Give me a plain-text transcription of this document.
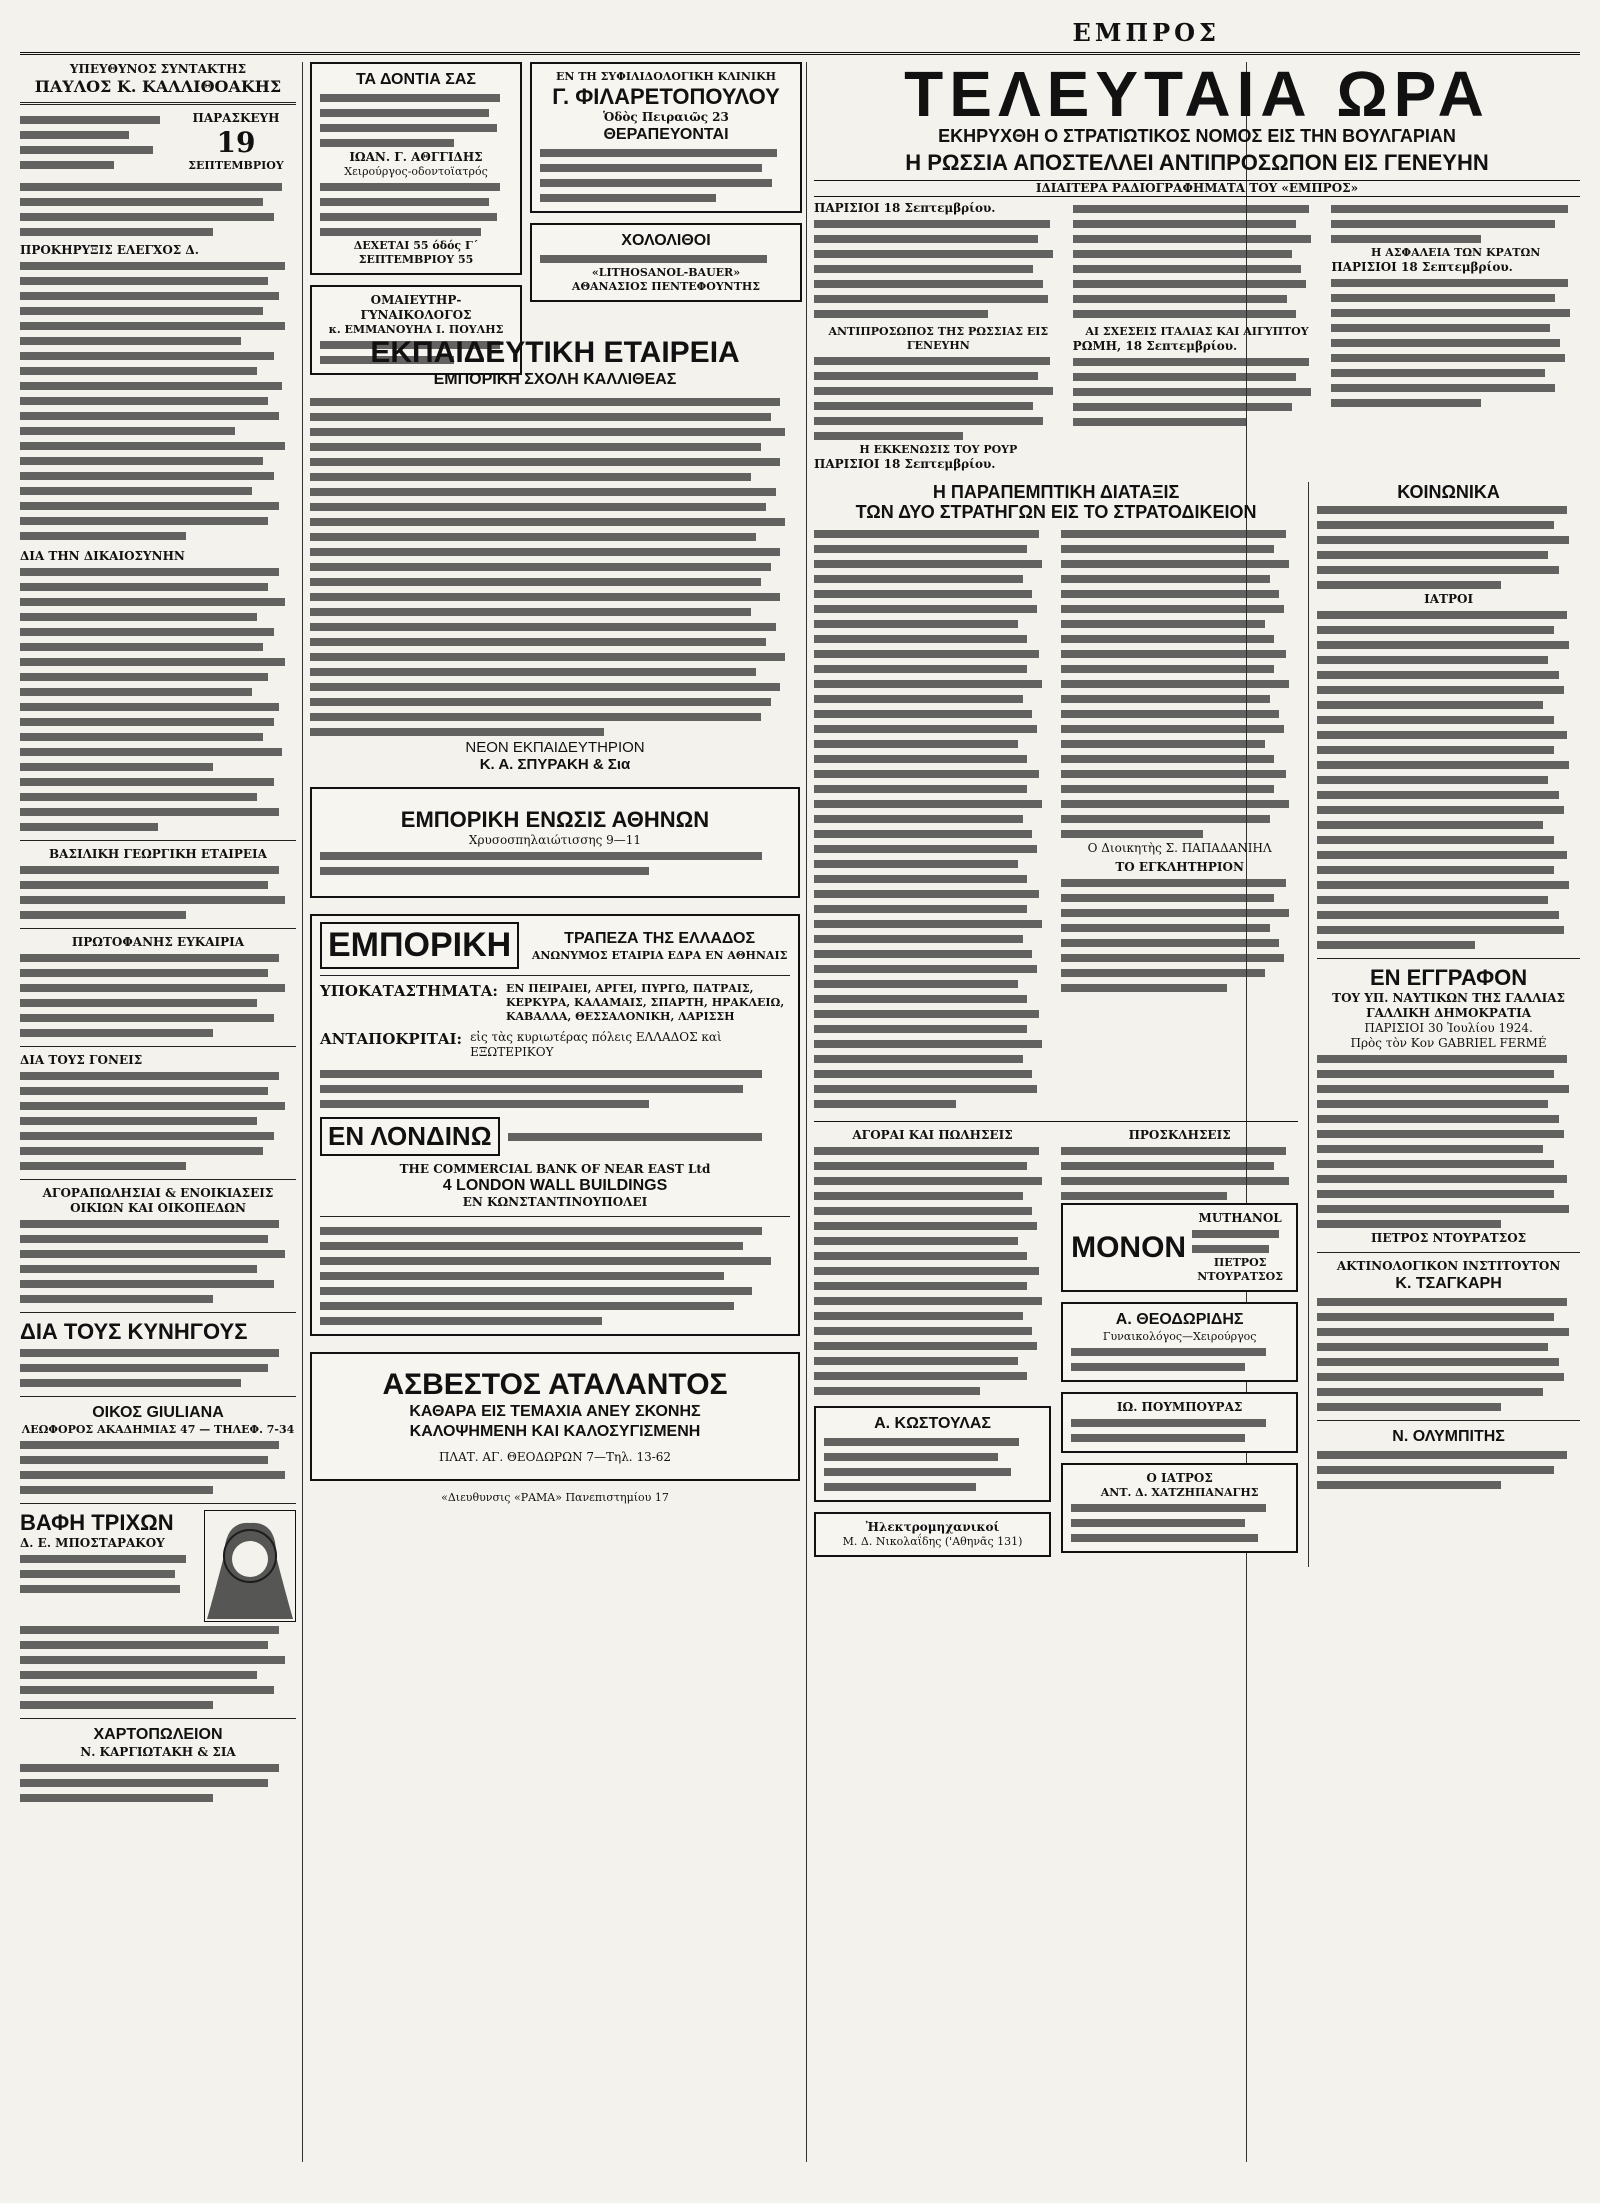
ΕΜΠΡΟΣ
ΥΠΕΥΘΥΝΟΣ ΣΥΝΤΑΚΤΗΣ
ΠΑΥΛΟΣ Κ. ΚΑΛΛΙΘΟΑΚΗΣ
ΠΑΡΑΣΚΕΥΗ
19
ΣΕΠΤΕΜΒΡΙΟΥ
ΠΡΟΚΗΡΥΞΙΣ ΕΛΕΓΧΟΣ Δ.
ΔΙΑ ΤΗΝ ΔΙΚΑΙΟΣΥΝΗΝ
ΒΑΣΙΛΙΚΗ ΓΕΩΡΓΙΚΗ ΕΤΑΙΡΕΙΑ
ΠΡΩΤΟΦΑΝΗΣ ΕΥΚΑΙΡΙΑ
ΔΙΑ ΤΟΥΣ ΓΟΝΕΙΣ
ΑΓΟΡΑΠΩΛΗΣΙΑΙ & ΕΝΟΙΚΙΑΣΕΙΣ ΟΙΚΙΩΝ ΚΑΙ ΟΙΚΟΠΕΔΩΝ
ΔΙΑ ΤΟΥΣ ΚΥΝΗΓΟΥΣ
ΟΙΚΟΣ GIULIANA
ΛΕΩΦΟΡΟΣ ΑΚΑΔΗΜΙΑΣ 47 — ΤΗΛΕΦ. 7-34
ΒΑΦΗ ΤΡΙΧΩΝ
Δ. Ε. ΜΠΟΣΤΑΡΑΚΟΥ
ΧΑΡΤΟΠΩΛΕΙΟΝ
Ν. ΚΑΡΓΙΩΤΑΚΗ & ΣΙΑ
ΤΑ ΔΟΝΤΙΑ ΣΑΣ
ΙΩΑΝ. Γ. ΑΘΓΓΙΔΗΣ
Χειρούργος-οδοντοϊατρός
ΔΕΧΕΤΑΙ 55 όδός Γ΄ ΣΕΠΤΕΜΒΡΙΟΥ 55
ΟΜΑΙΕΥΤΗΡ-ΓΥΝΑΙΚΟΛΟΓΟΣ
κ. ΕΜΜΑΝΟΥΗΛ Ι. ΠΟΥΛΗΣ
ΕΝ ΤΗ ΣΥΦΙΛΙΔΟΛΟΓΙΚΗ ΚΛΙΝΙΚΗ
Γ. ΦΙΛΑΡΕΤΟΠΟΥΛΟΥ
Ὁδὸς Πειραιῶς 23
ΘΕΡΑΠΕΥΟΝΤΑΙ
ΧΟΛΟΛΙΘΟΙ
«LITHOSANOL-BAUER»
ΑΘΑΝΑΣΙΟΣ ΠΕΝΤΕΦΟΥΝΤΗΣ
ΕΚΠΑΙΔΕΥΤΙΚΗ ΕΤΑΙΡΕΙΑ
ΕΜΠΟΡΙΚΗ ΣΧΟΛΗ ΚΑΛΛΙΘΕΑΣ
ΝΕΟΝ ΕΚΠΑΙΔΕΥΤΗΡΙΟΝ
Κ. Α. ΣΠΥΡΑΚΗ & Σια
ΕΜΠΟΡΙΚΗ ΕΝΩΣΙΣ ΑΘΗΝΩΝ
Χρυσοσπηλαιώτισσης 9—11
ΕΜΠΟΡΙΚΗ	ΤΡΑΠΕΖΑ ΤΗΣ ΕΛΛΑΔΟΣ
ΑΝΩΝΥΜΟΣ ΕΤΑΙΡΙΑ ΕΔΡΑ ΕΝ ΑΘΗΝΑΙΣ
ΥΠΟΚΑΤΑΣΤΗΜΑΤΑ: ΕΝ ΠΕΙΡΑΙΕΙ, ΑΡΓΕΙ, ΠΥΡΓΩ, ΠΑΤΡΑΙΣ, ΚΕΡΚΥΡΑ, ΚΑΛΑΜΑΙΣ, ΣΠΑΡΤΗ, ΗΡΑΚΛΕΙΩ, ΚΑΒΑΛΛΑ, ΘΕΣΣΑΛΟΝΙΚΗ, ΛΑΡΙΣΣΗ
ΑΝΤΑΠΟΚΡΙΤΑΙ: εἰς τὰς κυριωτέρας πόλεις ΕΛΛΑΔΟΣ καὶ ΕΞΩΤΕΡΙΚΟΥ
ΕΝ ΛΟΝΔΙΝΩ
THE COMMERCIAL BANK OF NEAR EAST Ltd
4 LONDON WALL BUILDINGS
ΕΝ ΚΩΝΣΤΑΝΤΙΝΟΥΠΟΛΕΙ
ΑΣΒΕΣΤΟΣ ΑΤΑΛΑΝΤΟΣ
ΚΑΘΑΡΑ ΕΙΣ ΤΕΜΑΧΙΑ ΑΝΕΥ ΣΚΟΝΗΣ
ΚΑΛΟΨΗΜΕΝΗ ΚΑΙ ΚΑΛΟΣΥΓΙΣΜΕΝΗ
ΠΛΑΤ. ΑΓ. ΘΕΟΔΩΡΩΝ 7—Τηλ. 13-62
«Διευθυνσις «ΡΑΜΑ» Πανεπιστημίου 17
ΤΕΛΕΥΤΑΙΑ ΩΡΑ
ΕΚΗΡΥΧΘΗ Ο ΣΤΡΑΤΙΩΤΙΚΟΣ ΝΟΜΟΣ ΕΙΣ ΤΗΝ ΒΟΥΛΓΑΡΙΑΝ
Η ΡΩΣΣΙΑ ΑΠΟΣΤΕΛΛΕΙ ΑΝΤΙΠΡΟΣΩΠΟΝ ΕΙΣ ΓΕΝΕΥΗΝ
ΙΔΙΑΙΤΕΡΑ ΡΑΔΙΟΓΡΑΦΗΜΑΤΑ ΤΟΥ «ΕΜΠΡΟΣ»
ΠΑΡΙΣΙΟΙ 18 Σεπτεμβρίου.
ΑΝΤΙΠΡΟΣΩΠΟΣ ΤΗΣ ΡΩΣΣΙΑΣ ΕΙΣ ΓΕΝΕΥΗΝ
Η ΕΚΚΕΝΩΣΙΣ ΤΟΥ ΡΟΥΡ
ΠΑΡΙΣΙΟΙ 18 Σεπτεμβρίου.
ΑΙ ΣΧΕΣΕΙΣ ΙΤΑΛΙΑΣ ΚΑΙ ΑΙΓΥΠΤΟΥ
ΡΩΜΗ, 18 Σεπτεμβρίου.
Η ΑΣΦΑΛΕΙΑ ΤΩΝ ΚΡΑΤΩΝ
ΠΑΡΙΣΙΟΙ 18 Σεπτεμβρίου.
Η ΠΑΡΑΠΕΜΠΤΙΚΗ ΔΙΑΤΑΞΙΣ
ΤΩΝ ΔΥΟ ΣΤΡΑΤΗΓΩΝ ΕΙΣ ΤΟ ΣΤΡΑΤΟΔΙΚΕΙΟΝ
Ο Διοικητὴς Σ. ΠΑΠΑΔΑΝΙΗΛ
ΤΟ ΕΓΚΛΗΤΗΡΙΟΝ
ΑΓΟΡΑΙ ΚΑΙ ΠΩΛΗΣΕΙΣ
Α. ΚΩΣΤΟΥΛΑΣ
Ἠλεκτρομηχανικοί
Μ. Δ. Νικολαΐδης ('Αθηνᾶς 131)
ΠΡΟΣΚΛΗΣΕΙΣ
ΜΟΝΟΝ
MUTHANOL
ΠΕΤΡΟΣ ΝΤΟΥΡΑΤΣΟΣ
Α. ΘΕΟΔΩΡΙΔΗΣ
Γυναικολόγος—Χειρούργος
ΙΩ. ΠΟΥΜΠΟΥΡΑΣ
Ο ΙΑΤΡΟΣ
ΑΝΤ. Δ. ΧΑΤΖΗΠΑΝΑΓΗΣ
ΚΟΙΝΩΝΙΚΑ
ΙΑΤΡΟΙ
ΕΝ ΕΓΓΡΑΦΟΝ
ΤΟΥ ΥΠ. ΝΑΥΤΙΚΩΝ ΤΗΣ ΓΑΛΛΙΑΣ
ΓΑΛΛΙΚΗ ΔΗΜΟΚΡΑΤΙΑ
ΠΑΡΙΣΙΟΙ 30 Ἰουλίου 1924.
Πρὸς τὸν Κον GABRIEL FERMÉ
ΠΕΤΡΟΣ ΝΤΟΥΡΑΤΣΟΣ
ΑΚΤΙΝΟΛΟΓΙΚΟΝ ΙΝΣΤΙΤΟΥΤΟΝ
Κ. ΤΣΑΓΚΑΡΗ
Ν. ΟΛΥΜΠΙΤΗΣ
